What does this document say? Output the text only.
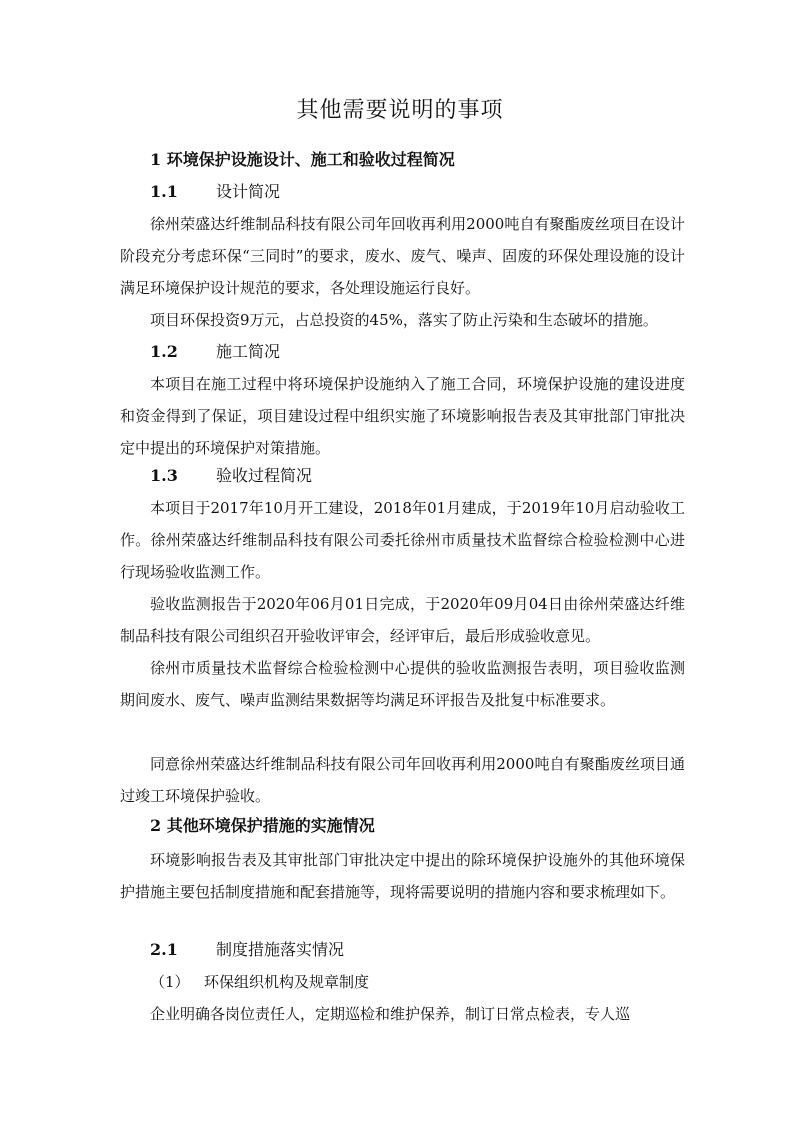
其他需要说明的事项
1 环境保护设施设计、施工和验收过程简况
1.1 设计简况

徐州荣盛达纤维制品科技有限公司年回收再利用2000吨自有聚酯废丝项目在设计阶段充分考虑环保“三同时”的要求，废水、废气、噪声、固废的环保处理设施的设计满足环境保护设计规范的要求，各处理设施运行良好。

项目环保投资9万元，占总投资的45%，落实了防止污染和生态破坏的措施。

1.2 施工简况

本项目在施工过程中将环境保护设施纳入了施工合同，环境保护设施的建设进度和资金得到了保证，项目建设过程中组织实施了环境影响报告表及其审批部门审批决定中提出的环境保护对策措施。

1.3 验收过程简况

本项目于2017年10月开工建设，2018年01月建成，于2019年10月启动验收工作。徐州荣盛达纤维制品科技有限公司委托徐州市质量技术监督综合检验检测中心进行现场验收监测工作。

验收监测报告于2020年06月01日完成，于2020年09月04日由徐州荣盛达纤维制品科技有限公司组织召开验收评审会，经评审后，最后形成验收意见。

徐州市质量技术监督综合检验检测中心提供的验收监测报告表明，项目验收监测期间废水、废气、噪声监测结果数据等均满足环评报告及批复中标准要求。

同意徐州荣盛达纤维制品科技有限公司年回收再利用2000吨自有聚酯废丝项目通过竣工环境保护验收。

2 其他环境保护措施的实施情况

环境影响报告表及其审批部门审批决定中提出的除环境保护设施外的其他环境保护措施主要包括制度措施和配套措施等，现将需要说明的措施内容和要求梳理如下。

2.1 制度措施落实情况
（1） 环保组织机构及规章制度

企业明确各岗位责任人，定期巡检和维护保养，制订日常点检表，专人巡
